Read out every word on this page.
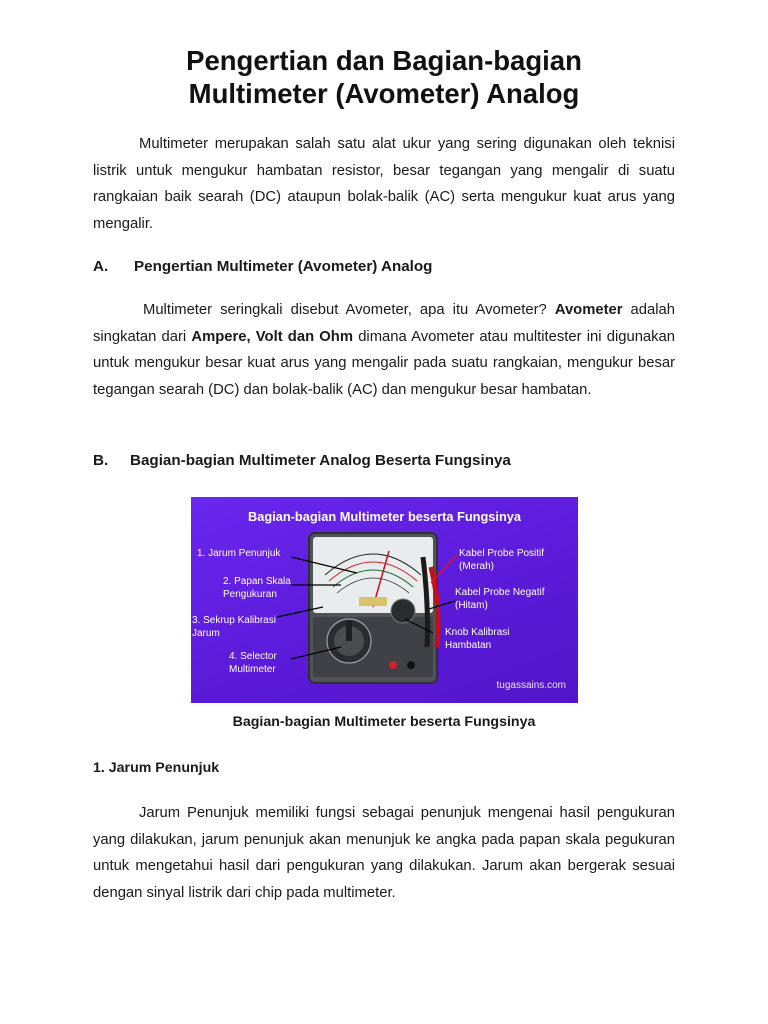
Pengertian dan Bagian-bagian
Multimeter (Avometer) Analog

Multimeter merupakan salah satu alat ukur yang sering digunakan oleh teknisi listrik untuk mengukur hambatan resistor, besar tegangan yang mengalir di suatu rangkaian baik searah (DC) ataupun bolak-balik (AC) serta mengukur kuat arus yang mengalir.

A. Pengertian Multimeter (Avometer) Analog

Multimeter seringkali disebut Avometer, apa itu Avometer? Avometer adalah singkatan dari Ampere, Volt dan Ohm dimana Avometer atau multitester ini digunakan untuk mengukur besar kuat arus yang mengalir pada suatu rangkaian, mengukur besar tegangan searah (DC) dan bolak-balik (AC) dan mengukur besar hambatan.

B. Bagian-bagian Multimeter Analog Beserta Fungsinya
Bagian-bagian Multimeter beserta Fungsinya
1. Jarum Penunjuk

Jarum Penunjuk memiliki fungsi sebagai penunjuk mengenai hasil pengukuran yang dilakukan, jarum penunjuk akan menunjuk ke angka pada papan skala pegukuran untuk mengetahui hasil dari pengukuran yang dilakukan. Jarum akan bergerak sesuai dengan sinyal listrik dari chip pada multimeter.

Bagian-bagian Multimeter beserta Fungsinya
1. Jarum Penunjuk
2. Papan Skala
Pengukuran
3. Sekrup Kalibrasi
Jarum
4. Selector
Multimeter
Kabel Probe Positif
(Merah)
Kabel Probe Negatif
(Hitam)
Knob Kalibrasi
Hambatan
tugassains.com
